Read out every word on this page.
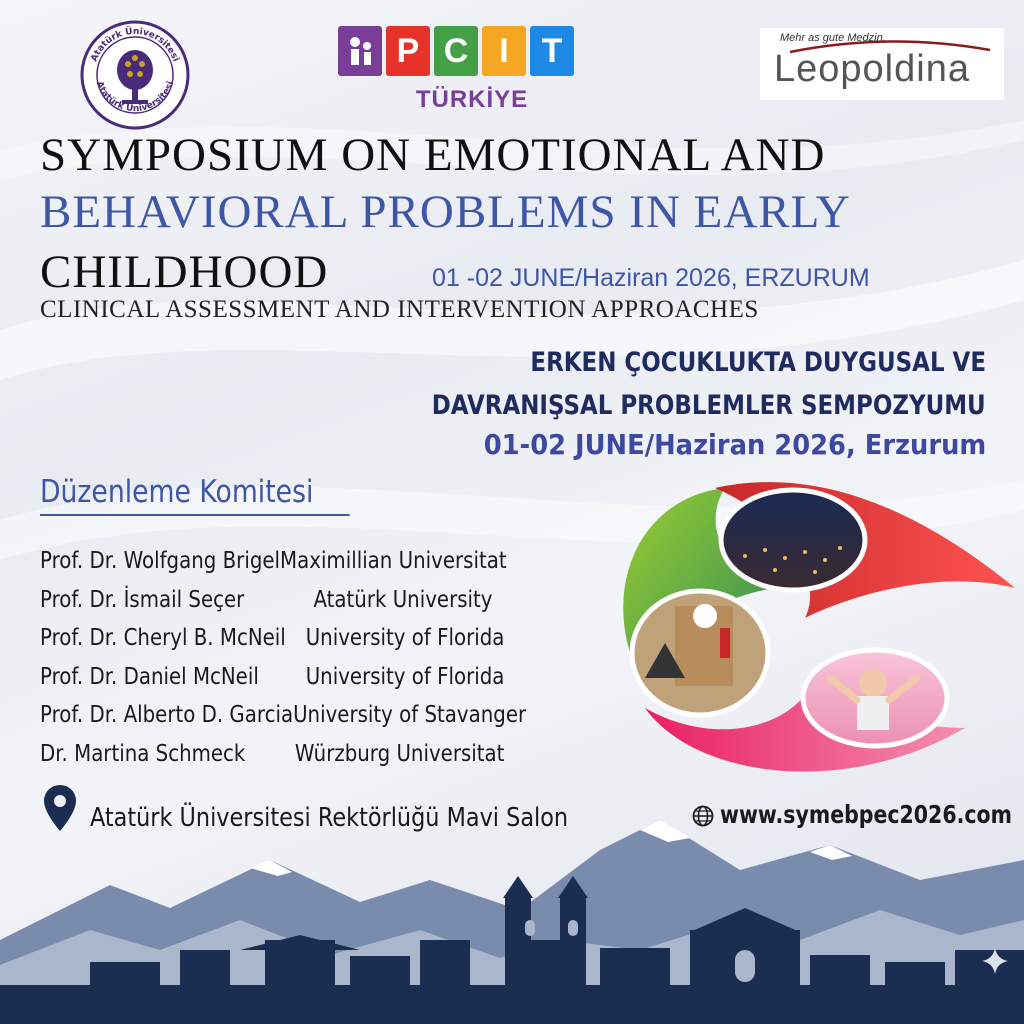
Atatürk Üniversitesi
Atatürk Üniversitesi
P C I T
TÜRKİYE
Mehr as gute Medzin.
Leopoldina
SYMPOSIUM ON EMOTIONAL AND
BEHAVIORAL PROBLEMS IN EARLY
CHILDHOOD	01 -02 JUNE/Haziran 2026, ERZURUM
CLINICAL ASSESSMENT AND INTERVENTION APPROACHES
ERKEN ÇOCUKLUKTA DUYGUSAL VE
DAVRANIŞSAL PROBLEMLER SEMPOZYUMU
01-02 JUNE/Haziran 2026, Erzurum
Düzenleme Komitesi
Prof. Dr. Wolfgang Brigel Maximillian Universitat
Prof. Dr. İsmail Seçer	Atatürk University
Prof. Dr. Cheryl B. McNeil University of Florida
Prof. Dr. Daniel McNeil	University of Florida
Prof. Dr. Alberto D. Garcia University of Stavanger
Dr. Martina Schmeck	Würzburg Universitat
Atatürk Üniversitesi Rektörlüğü Mavi Salon	www.symebpec2026.com
